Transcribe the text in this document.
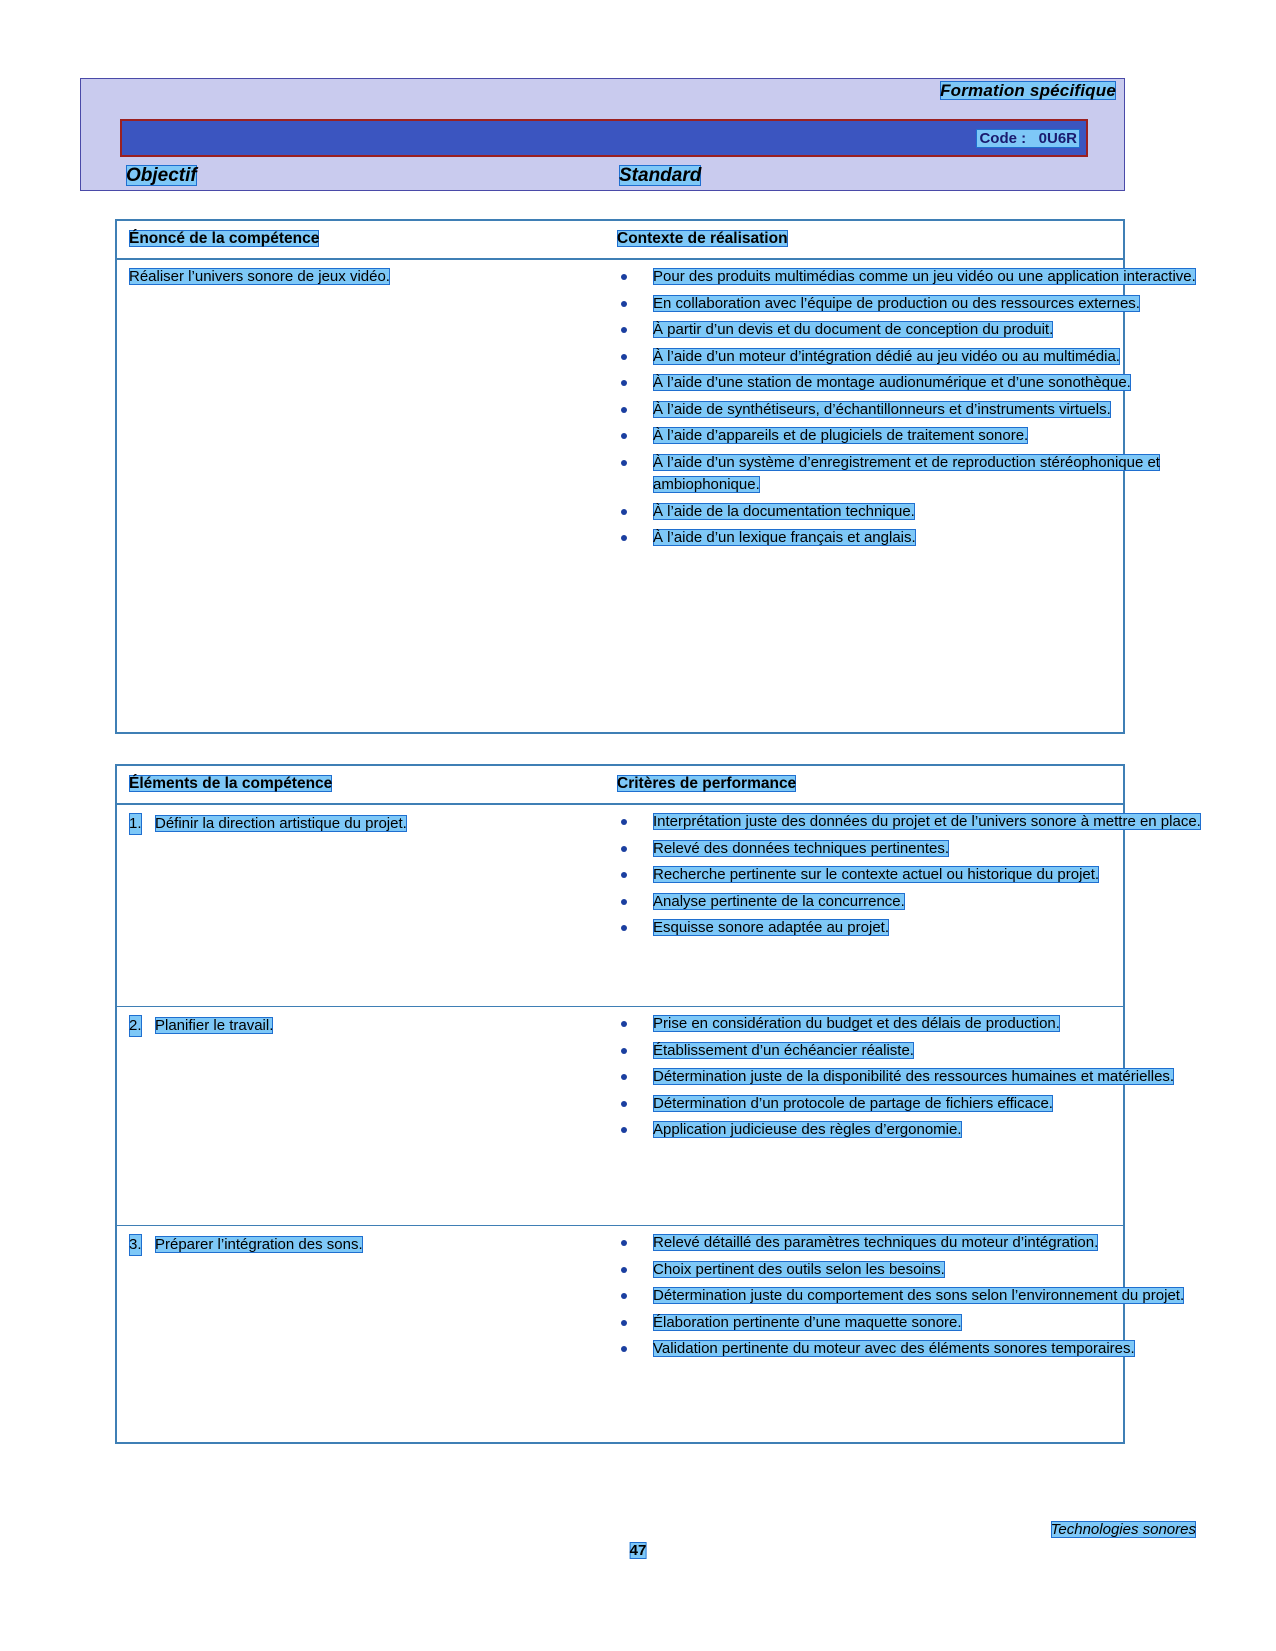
Formation spécifique
Code : 0U6R
Objectif	Standard
Énoncé de la compétence	Contexte de réalisation
Réaliser l’univers sonore de jeux vidéo.	Pour des produits multimédias comme un jeu vidéo ou une application interactive.
En collaboration avec l’équipe de production ou des ressources externes.
À partir d’un devis et du document de conception du produit.
À l’aide d’un moteur d’intégration dédié au jeu vidéo ou au multimédia.
À l’aide d’une station de montage audionumérique et d’une sonothèque.
À l’aide de synthétiseurs, d’échantillonneurs et d’instruments virtuels.
À l’aide d’appareils et de plugiciels de traitement sonore.
À l’aide d’un système d’enregistrement et de reproduction stéréophonique et ambiophonique.
À l’aide de la documentation technique.
À l’aide d’un lexique français et anglais.
Éléments de la compétence	Critères de performance
1. Définir la direction artistique du projet.	Interprétation juste des données du projet et de l’univers sonore à mettre en place.
Relevé des données techniques pertinentes.
Recherche pertinente sur le contexte actuel ou historique du projet.
Analyse pertinente de la concurrence.
Esquisse sonore adaptée au projet.
2. Planifier le travail.	Prise en considération du budget et des délais de production.
Établissement d’un échéancier réaliste.
Détermination juste de la disponibilité des ressources humaines et matérielles.
Détermination d’un protocole de partage de fichiers efficace.
Application judicieuse des règles d’ergonomie.
3. Préparer l’intégration des sons.	Relevé détaillé des paramètres techniques du moteur d’intégration.
Choix pertinent des outils selon les besoins.
Détermination juste du comportement des sons selon l’environnement du projet.
Élaboration pertinente d’une maquette sonore.
Validation pertinente du moteur avec des éléments sonores temporaires.
Technologies sonores
47
